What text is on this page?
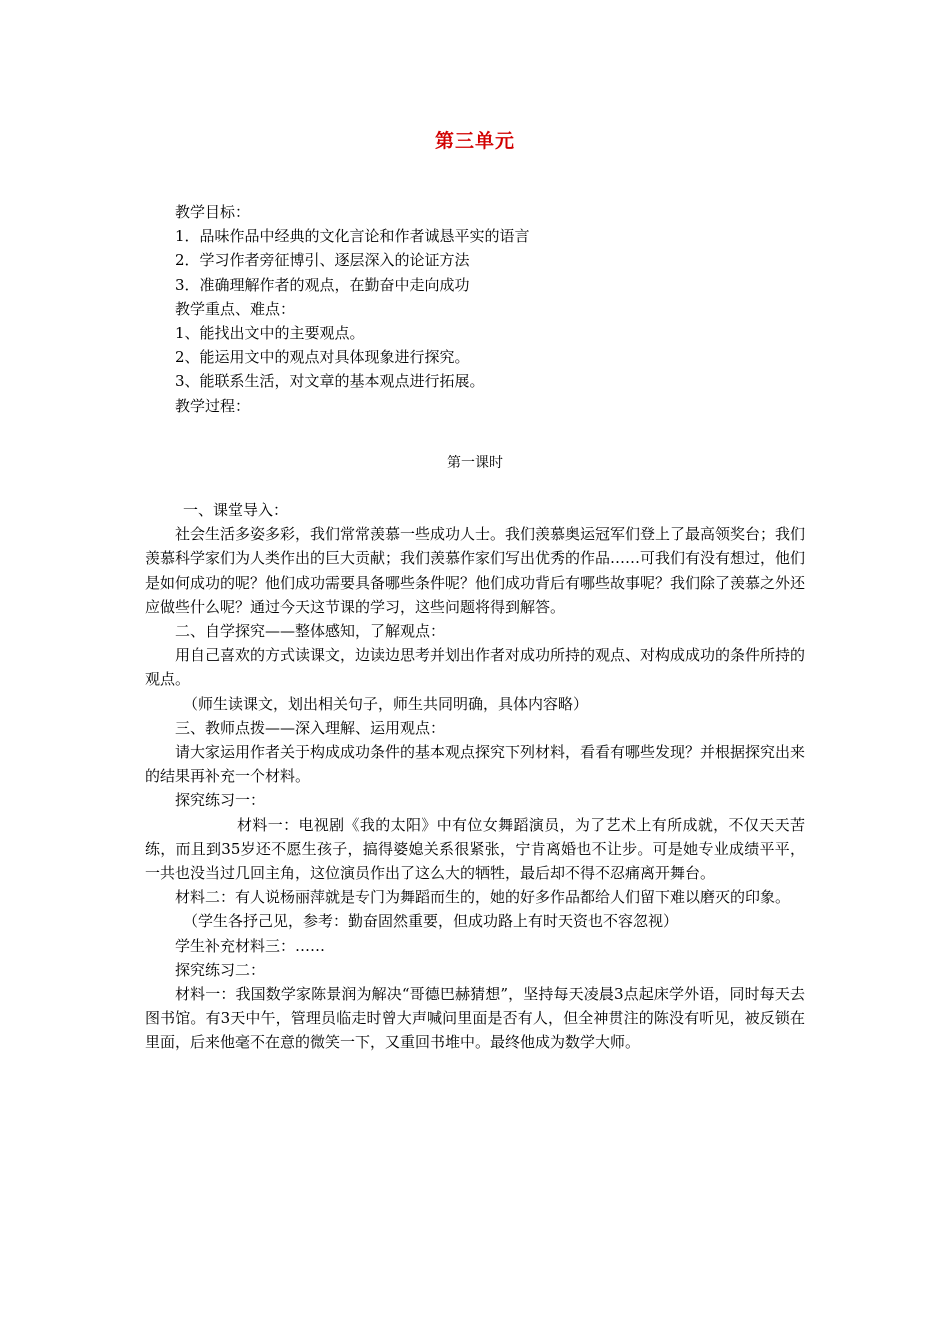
第三单元

教学目标：

1．品味作品中经典的文化言论和作者诚恳平实的语言

2．学习作者旁征博引、逐层深入的论证方法

3．准确理解作者的观点，在勤奋中走向成功

教学重点、难点：

1、能找出文中的主要观点。

2、能运用文中的观点对具体现象进行探究。

3、能联系生活，对文章的基本观点进行拓展。

教学过程：

第一课时

一、课堂导入：

社会生活多姿多彩，我们常常羡慕一些成功人士。我们羡慕奥运冠军们登上了最高领奖台；我们羡慕科学家们为人类作出的巨大贡献；我们羡慕作家们写出优秀的作品……可我们有没有想过，他们是如何成功的呢？他们成功需要具备哪些条件呢？他们成功背后有哪些故事呢？我们除了羡慕之外还应做些什么呢？通过今天这节课的学习，这些问题将得到解答。

二、自学探究——整体感知，了解观点：

用自己喜欢的方式读课文，边读边思考并划出作者对成功所持的观点、对构成成功的条件所持的观点。

（师生读课文，划出相关句子，师生共同明确，具体内容略）

三、教师点拨——深入理解、运用观点：

请大家运用作者关于构成成功条件的基本观点探究下列材料，看看有哪些发现？并根据探究出来的结果再补充一个材料。

探究练习一：

材料一：电视剧《我的太阳》中有位女舞蹈演员，为了艺术上有所成就，不仅天天苦练，而且到35岁还不愿生孩子，搞得婆媳关系很紧张，宁肯离婚也不让步。可是她专业成绩平平，一共也没当过几回主角，这位演员作出了这么大的牺牲，最后却不得不忍痛离开舞台。

材料二：有人说杨丽萍就是专门为舞蹈而生的，她的好多作品都给人们留下难以磨灭的印象。

（学生各抒己见，参考：勤奋固然重要，但成功路上有时天资也不容忽视）

学生补充材料三：……

探究练习二：

材料一：我国数学家陈景润为解决“哥德巴赫猜想”，坚持每天凌晨3点起床学外语，同时每天去图书馆。有3天中午，管理员临走时曾大声喊问里面是否有人，但全神贯注的陈没有听见，被反锁在里面，后来他毫不在意的微笑一下，又重回书堆中。最终他成为数学大师。
